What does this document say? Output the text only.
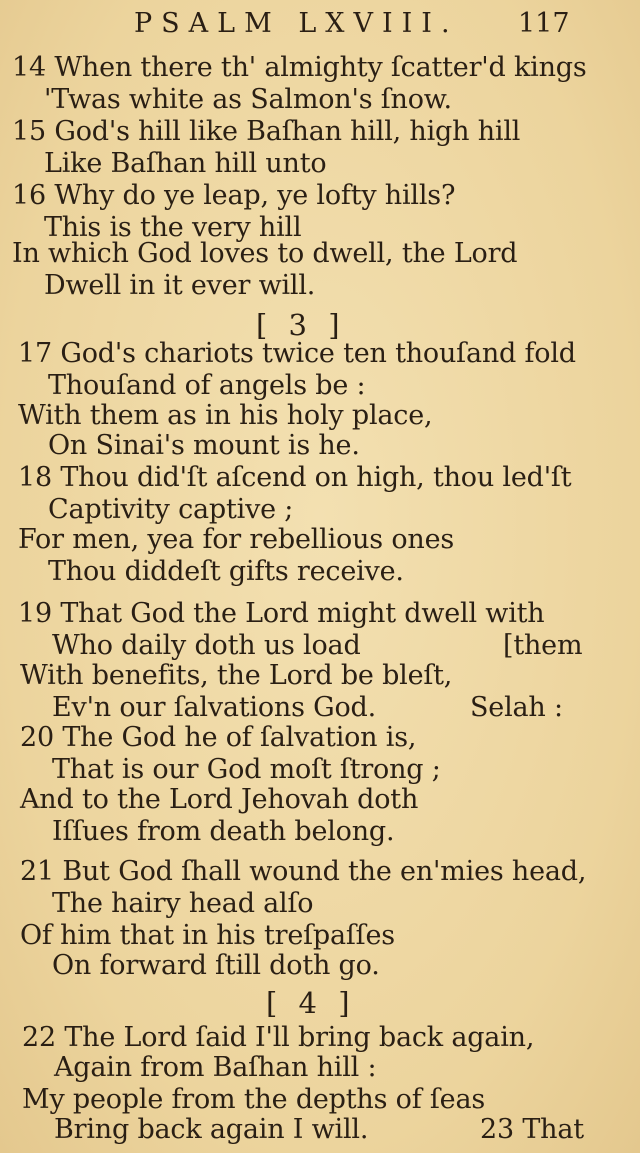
PSALM LXVIII. 117
14 When there th' almighty ſcatter'd kings
'Twas white as Salmon's ſnow.
15 God's hill like Baſhan hill, high hill
Like Baſhan hill unto
16 Why do ye leap, ye lofty hills?
This is the very hill
In which God loves to dwell, the Lord
Dwell in it ever will.
[ 3 ]
17 God's chariots twice ten thouſand fold
Thouſand of angels be :
With them as in his holy place,
On Sinai's mount is he.
18 Thou did'ſt aſcend on high, thou led'ſt
Captivity captive ;
For men, yea for rebellious ones
Thou diddeſt gifts receive.
19 That God the Lord might dwell with
Who daily doth us load	[them
With benefits, the Lord be bleſt,
Ev'n our ſalvations God.	Selah :
20 The God he of ſalvation is,
That is our God moſt ſtrong ;
And to the Lord Jehovah doth
Iſſues from death belong.
21 But God ſhall wound the en'mies head,
The hairy head alſo
Of him that in his treſpaſſes
On forward ſtill doth go.
[ 4 ]
22 The Lord ſaid I'll bring back again,
Again from Baſhan hill :
My people from the depths of ſeas
Bring back again I will.	23 That
